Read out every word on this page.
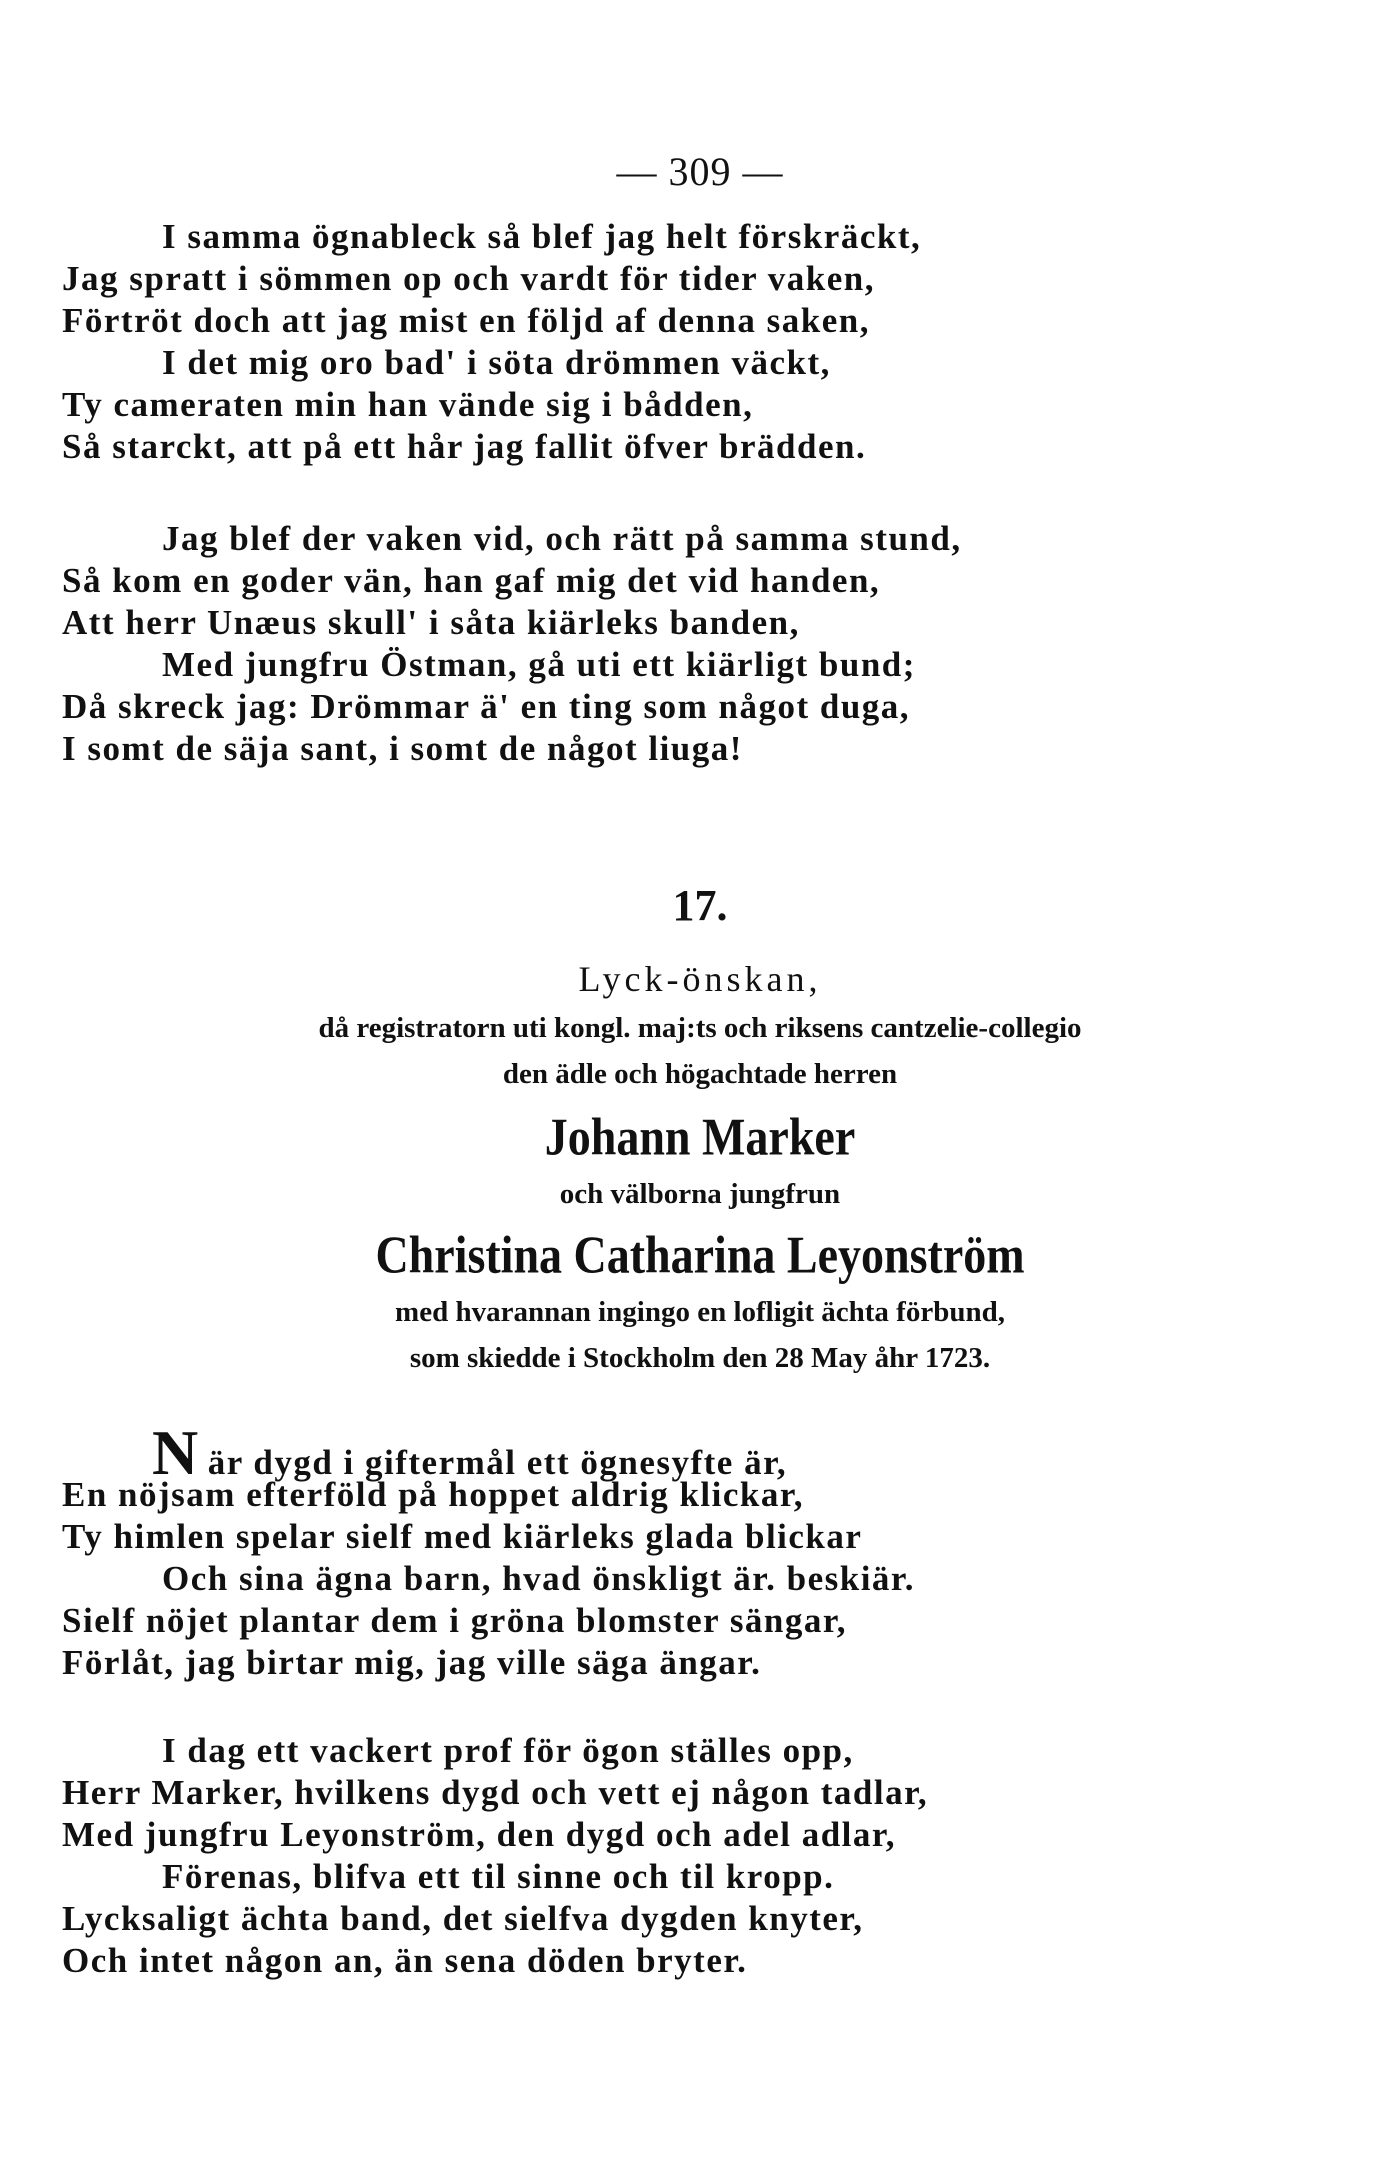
— 309 —
I samma ögnableck så blef jag helt förskräckt,
Jag spratt i sömmen op och vardt för tider vaken,
Förtröt doch att jag mist en följd af denna saken,
I det mig oro bad' i söta drömmen väckt,
Ty cameraten min han vände sig i bådden,
Så starckt, att på ett hår jag fallit öfver brädden.
Jag blef der vaken vid, och rätt på samma stund,
Så kom en goder vän, han gaf mig det vid handen,
Att herr Unæus skull' i såta kiärleks banden,
Med jungfru Östman, gå uti ett kiärligt bund;
Då skreck jag: Drömmar ä' en ting som något duga,
I somt de säja sant, i somt de något liuga!
17.
Lyck-önskan,
då registratorn uti kongl. maj:ts och riksens cantzelie-collegio
den ädle och högachtade herren
Johann Marker
och välborna jungfrun
Christina Catharina Leyonström
med hvarannan ingingo en lofligit ächta förbund,
som skiedde i Stockholm den 28 May åhr 1723.
När dygd i giftermål ett ögnesyfte är,
En nöjsam efterföld på hoppet aldrig klickar,
Ty himlen spelar sielf med kiärleks glada blickar
Och sina ägna barn, hvad önskligt är. beskiär.
Sielf nöjet plantar dem i gröna blomster sängar,
Förlåt, jag birtar mig, jag ville säga ängar.
I dag ett vackert prof för ögon ställes opp,
Herr Marker, hvilkens dygd och vett ej någon tadlar,
Med jungfru Leyonström, den dygd och adel adlar,
Förenas, blifva ett til sinne och til kropp.
Lycksaligt ächta band, det sielfva dygden knyter,
Och intet någon an, än sena döden bryter.
